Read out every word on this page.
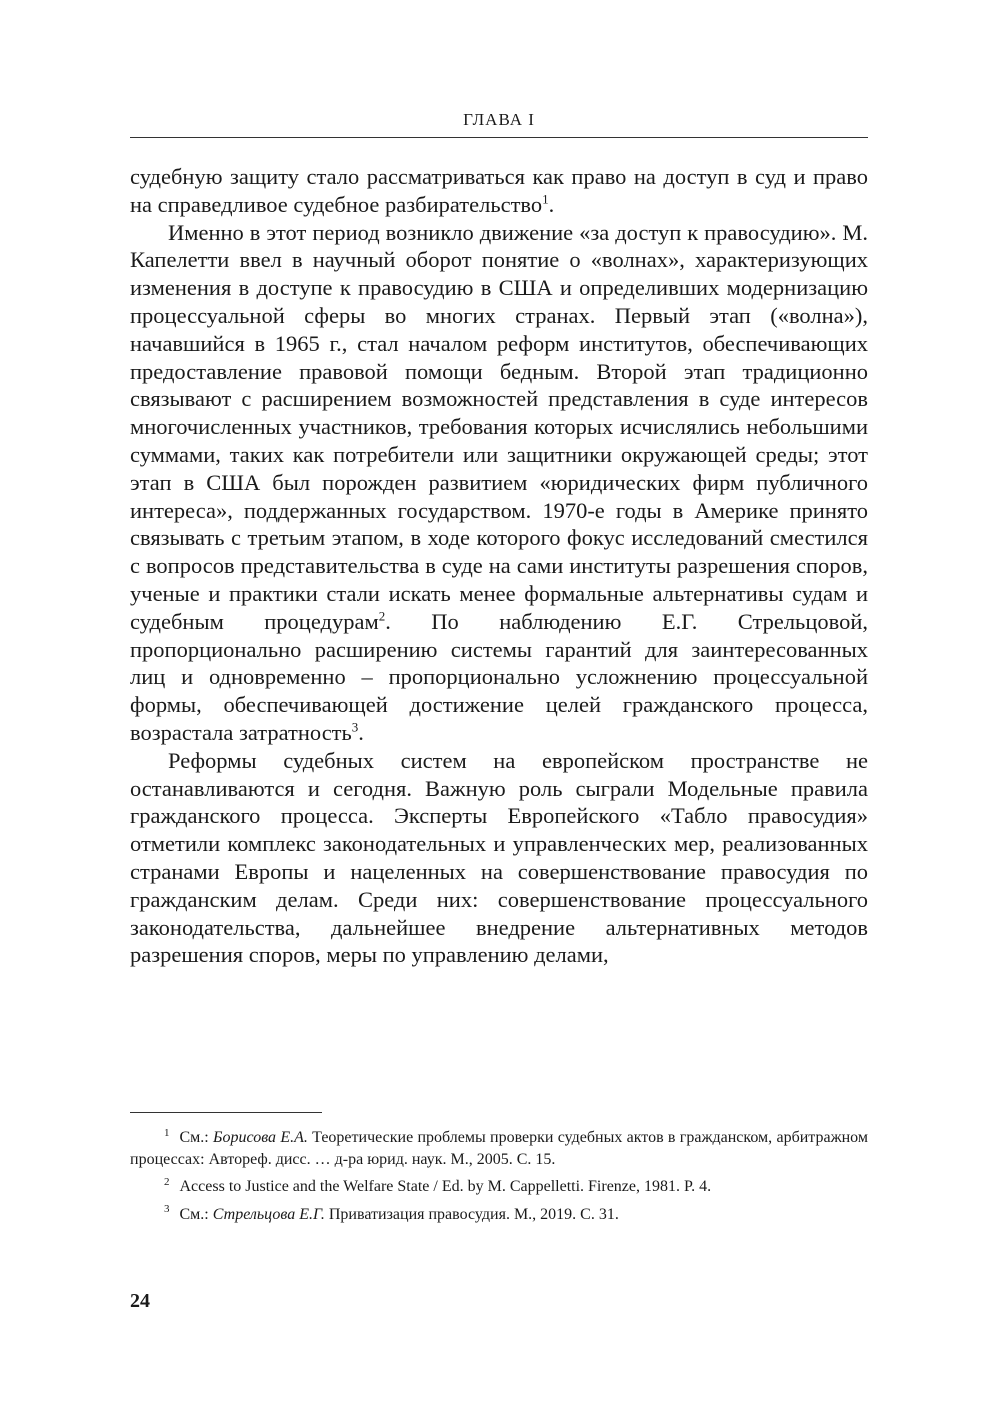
ГЛАВА I

судебную защиту стало рассматриваться как право на доступ в суд и право на справедливое судебное разбирательство$^1$.

Именно в этот период возникло движение «за доступ к правосудию». М. Капелетти ввел в научный оборот понятие о «волнах», характеризующих изменения в доступе к правосудию в США и определивших модернизацию процессуальной сферы во многих странах. Первый этап («волна»), начавшийся в 1965 г., стал началом реформ институтов, обеспечивающих предоставление правовой помощи бедным. Второй этап традиционно связывают с расширением возможностей представления в суде интересов многочисленных участников, требования которых исчислялись небольшими суммами, таких как потребители или защитники окружающей среды; этот этап в США был порожден развитием «юридических фирм публичного интереса», поддержанных государством. 1970-е годы в Америке принято связывать с третьим этапом, в ходе которого фокус исследований сместился с вопросов представительства в суде на сами институты разрешения споров, ученые и практики стали искать менее формальные альтернативы судам и судебным процедурам$^2$. По наблюдению Е.Г. Стрельцовой, пропорционально расширению системы гарантий для заинтересованных лиц и одновременно – пропорционально усложнению процессуальной формы, обеспечивающей достижение целей гражданского процесса, возрастала затратность$^3$.

Реформы судебных систем на европейском пространстве не останавливаются и сегодня. Важную роль сыграли Модельные правила гражданского процесса. Эксперты Европейского «Табло правосудия» отметили комплекс законодательных и управленческих мер, реализованных странами Европы и нацеленных на совершенствование правосудия по гражданским делам. Среди них: совершенствование процессуального законодательства, дальнейшее внедрение альтернативных методов разрешения споров, меры по управлению делами,

$^1$ См.: Борисова Е.А. Теоретические проблемы проверки судебных актов в гражданском, арбитражном процессах: Автореф. дисс. … д-ра юрид. наук. М., 2005. С. 15.

$^2$ Access to Justice and the Welfare State / Ed. by M. Cappelletti. Firenze, 1981. P. 4.

$^3$ См.: Стрельцова Е.Г. Приватизация правосудия. М., 2019. С. 31.

24
